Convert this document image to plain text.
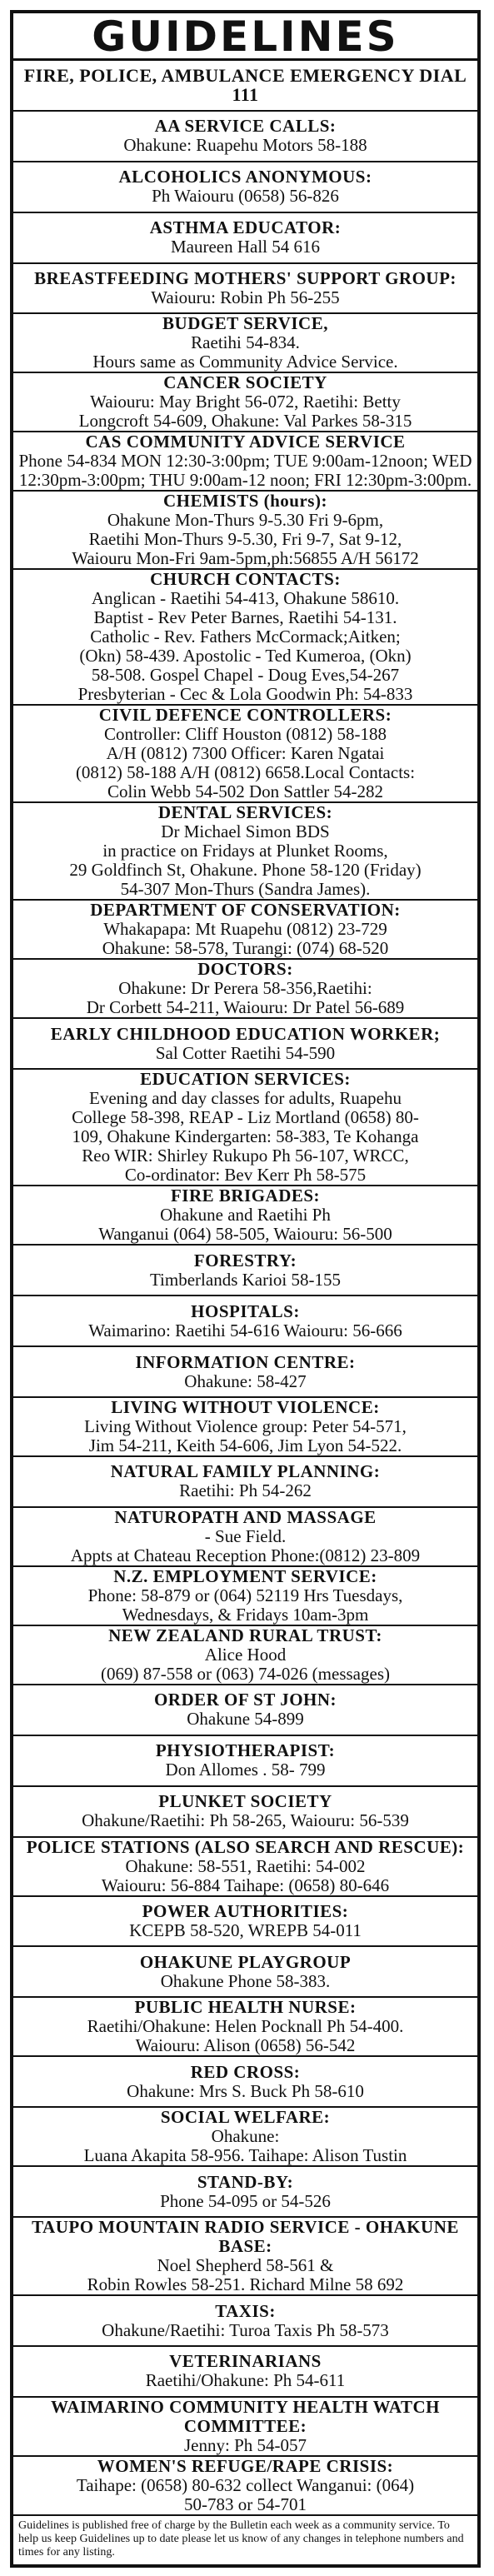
GUIDELINES
FIRE, POLICE, AMBULANCE EMERGENCY DIAL 111
AA SERVICE CALLS:
Ohakune: Ruapehu Motors 58-188
ALCOHOLICS ANONYMOUS:
Ph Waiouru (0658) 56-826
ASTHMA EDUCATOR:
Maureen Hall 54 616
BREASTFEEDING MOTHERS' SUPPORT GROUP:
Waiouru: Robin Ph 56-255
BUDGET SERVICE,
Raetihi 54-834.
Hours same as Community Advice Service.
CANCER SOCIETY
Waiouru: May Bright 56-072, Raetihi: Betty
Longcroft 54-609, Ohakune: Val Parkes 58-315
CAS COMMUNITY ADVICE SERVICE
Phone 54-834 MON 12:30-3:00pm; TUE 9:00am-12noon; WED 12:30pm-3:00pm; THU 9:00am-12 noon; FRI 12:30pm-3:00pm.
CHEMISTS (hours):
Ohakune Mon-Thurs 9-5.30 Fri 9-6pm,
Raetihi Mon-Thurs 9-5.30, Fri 9-7, Sat 9-12,
Waiouru Mon-Fri 9am-5pm,ph:56855 A/H 56172
CHURCH CONTACTS:
Anglican - Raetihi 54-413, Ohakune 58610.
Baptist - Rev Peter Barnes, Raetihi 54-131.
Catholic - Rev. Fathers McCormack;Aitken;
(Okn) 58-439. Apostolic - Ted Kumeroa, (Okn)
58-508. Gospel Chapel - Doug Eves,54-267
Presbyterian - Cec & Lola Goodwin Ph: 54-833
CIVIL DEFENCE CONTROLLERS:
Controller: Cliff Houston (0812) 58-188
A/H (0812) 7300 Officer: Karen Ngatai
(0812) 58-188 A/H (0812) 6658.Local Contacts:
Colin Webb 54-502 Don Sattler 54-282
DENTAL SERVICES:
Dr Michael Simon BDS
in practice on Fridays at Plunket Rooms,
29 Goldfinch St, Ohakune. Phone 58-120 (Friday)
54-307 Mon-Thurs (Sandra James).
DEPARTMENT OF CONSERVATION:
Whakapapa: Mt Ruapehu (0812) 23-729
Ohakune: 58-578, Turangi: (074) 68-520
DOCTORS:
Ohakune: Dr Perera 58-356,Raetihi:
Dr Corbett 54-211, Waiouru: Dr Patel 56-689
EARLY CHILDHOOD EDUCATION WORKER;
Sal Cotter Raetihi 54-590
EDUCATION SERVICES:
Evening and day classes for adults, Ruapehu
College 58-398, REAP - Liz Mortland (0658) 80-
109, Ohakune Kindergarten: 58-383, Te Kohanga
Reo WIR: Shirley Rukupo Ph 56-107, WRCC,
Co-ordinator: Bev Kerr Ph 58-575
FIRE BRIGADES:
Ohakune and Raetihi Ph
Wanganui (064) 58-505, Waiouru: 56-500
FORESTRY:
Timberlands Karioi 58-155
HOSPITALS:
Waimarino: Raetihi 54-616 Waiouru: 56-666
INFORMATION CENTRE:
Ohakune: 58-427
LIVING WITHOUT VIOLENCE:
Living Without Violence group: Peter 54-571,
Jim 54-211, Keith 54-606, Jim Lyon 54-522.
NATURAL FAMILY PLANNING:
Raetihi: Ph 54-262
NATUROPATH AND MASSAGE
- Sue Field.
Appts at Chateau Reception Phone:(0812) 23-809
N.Z. EMPLOYMENT SERVICE:
Phone: 58-879 or (064) 52119 Hrs Tuesdays,
Wednesdays, & Fridays 10am-3pm
NEW ZEALAND RURAL TRUST:
Alice Hood
(069) 87-558 or (063) 74-026 (messages)
ORDER OF ST JOHN:
Ohakune 54-899
PHYSIOTHERAPIST:
Don Allomes . 58- 799
PLUNKET SOCIETY
Ohakune/Raetihi: Ph 58-265, Waiouru: 56-539
POLICE STATIONS (ALSO SEARCH AND RESCUE):
Ohakune: 58-551, Raetihi: 54-002
Waiouru: 56-884 Taihape: (0658) 80-646
POWER AUTHORITIES:
KCEPB 58-520, WREPB 54-011
OHAKUNE PLAYGROUP
Ohakune Phone 58-383.
PUBLIC HEALTH NURSE:
Raetihi/Ohakune: Helen Pocknall Ph 54-400.
Waiouru: Alison (0658) 56-542
RED CROSS:
Ohakune: Mrs S. Buck Ph 58-610
SOCIAL WELFARE:
Ohakune:
Luana Akapita 58-956. Taihape: Alison Tustin
STAND-BY:
Phone 54-095 or 54-526
TAUPO MOUNTAIN RADIO SERVICE - OHAKUNE BASE:
Noel Shepherd 58-561 &
Robin Rowles 58-251. Richard Milne 58 692
TAXIS:
Ohakune/Raetihi: Turoa Taxis Ph 58-573
VETERINARIANS
Raetihi/Ohakune: Ph 54-611
WAIMARINO COMMUNITY HEALTH WATCH COMMITTEE:
Jenny: Ph 54-057
WOMEN'S REFUGE/RAPE CRISIS:
Taihape: (0658) 80-632 collect Wanganui: (064)
50-783 or 54-701
Guidelines is published free of charge by the Bulletin each week as a community service. To help us keep Guidelines up to date please let us know of any changes in telephone numbers and times for any listing.
